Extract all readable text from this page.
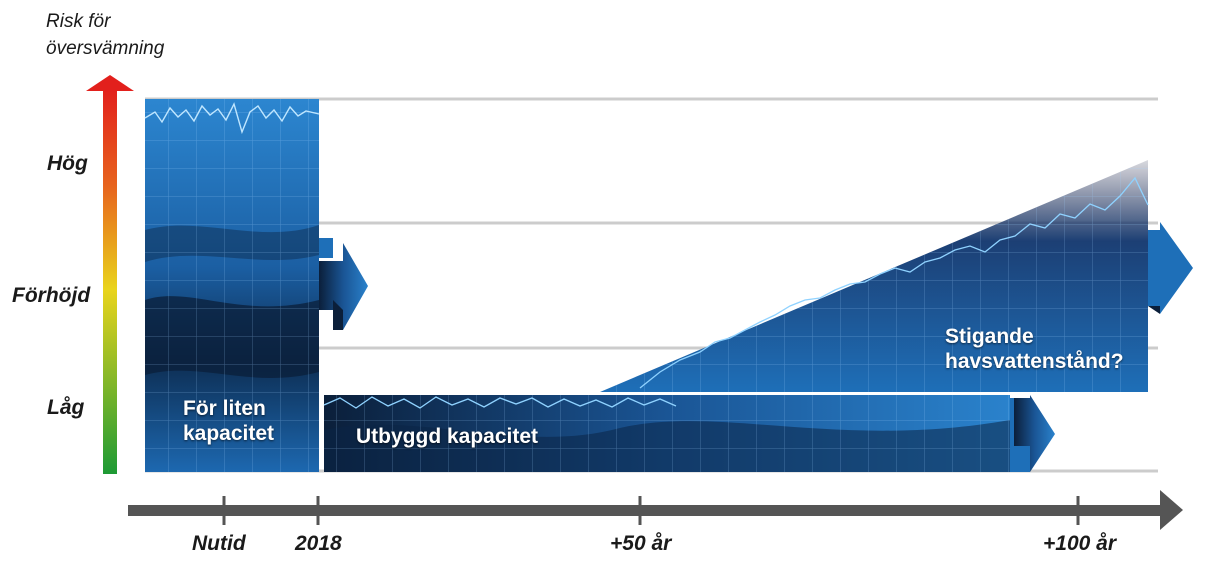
Risk för
översvämning
Hög
Förhöjd
Låg
Nutid 2018	+50 år	+100 år
För liten
kapacitet	Utbyggd kapacitet
Stigande
havsvattenstånd?
